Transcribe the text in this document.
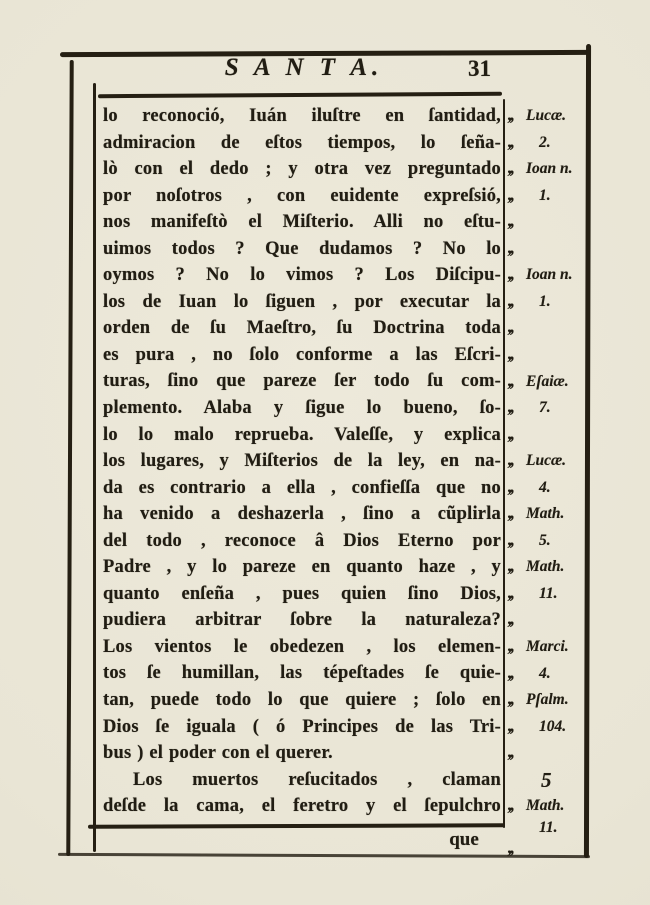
S A N T A.	31
lo reconoció, Iuán iluſtre en ſantidad,
admiracion de eſtos tiempos, lo ſeña-
lò con el dedo ; y otra vez preguntado
por noſotros , con euidente expreſsió,
nos manifeſtò el Miſterio. Alli no eſtu-
uimos todos ? Que dudamos ? No lo
oymos ? No lo vimos ? Los Diſcipu-
los de Iuan lo ſiguen , por executar la
orden de ſu Maeſtro, ſu Doctrina toda
es pura , no ſolo conforme a las Eſcri-
turas, ſino que pareze ſer todo ſu com-
plemento. Alaba y ſigue lo bueno, ſo-
lo lo malo reprueba. Valeſſe, y explica
los lugares, y Miſterios de la ley, en na-
da es contrario a ella , confieſſa que no
ha venido a deshazerla , ſino a cũplirla
del todo , reconoce â Dios Eterno por
Padre , y lo pareze en quanto haze , y
quanto enſeña , pues quien ſino Dios,
pudiera arbitrar ſobre la naturaleza?
Los vientos le obedezen , los elemen-
tos ſe humillan, las tépeſtades ſe quie-
tan, puede todo lo que quiere ; ſolo en
Dios ſe iguala ( ó Principes de las Tri-
bus ) el poder con el querer.
Los muertos reſucitados , claman
deſde la cama, el feretro y el ſepulchro
,, Lucæ.
,, 2.
,, Ioan n.
,, 1.
,,
,,
,, Ioan n.
,, 1.
,,
,,
,, Eſaiæ.
,, 7.
,,
,, Lucæ.
,, 4.
,, Math.
,, 5.
,, Math.
,, 11.
,,
,, Marci.
,, 4.
,, Pſalm.
,, 104.
,,
5
,, Math.
11.
,,
que
